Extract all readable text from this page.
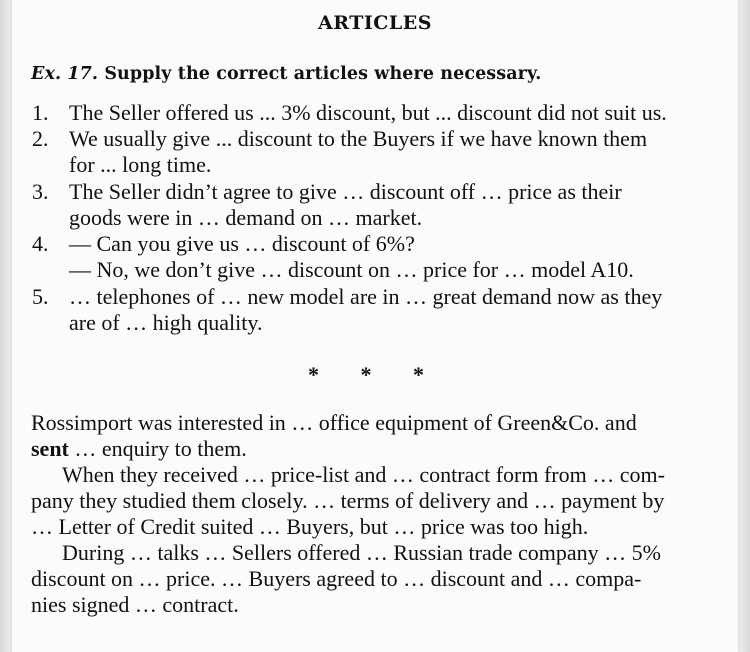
ARTICLES
Ex. 17. Supply the correct articles where necessary.
1. The Seller offered us ... 3% discount, but ... discount did not suit us.
2. We usually give ... discount to the Buyers if we have known them
for ... long time.
3. The Seller didn’t agree to give … discount off … price as their
goods were in … demand on … market.
4. — Can you give us … discount of 6%?
— No, we don’t give … discount on … price for … model A10.
5. … telephones of … new model are in … great demand now as they
are of … high quality.
* * *
Rossimport was interested in … office equipment of Green&Co. and
sent … enquiry to them.
When they received … price-list and … contract form from … com-
pany they studied them closely. … terms of delivery and … payment by
… Letter of Credit suited … Buyers, but … price was too high.
During … talks … Sellers offered … Russian trade company … 5%
discount on … price. … Buyers agreed to … discount and … compa-
nies signed … contract.
